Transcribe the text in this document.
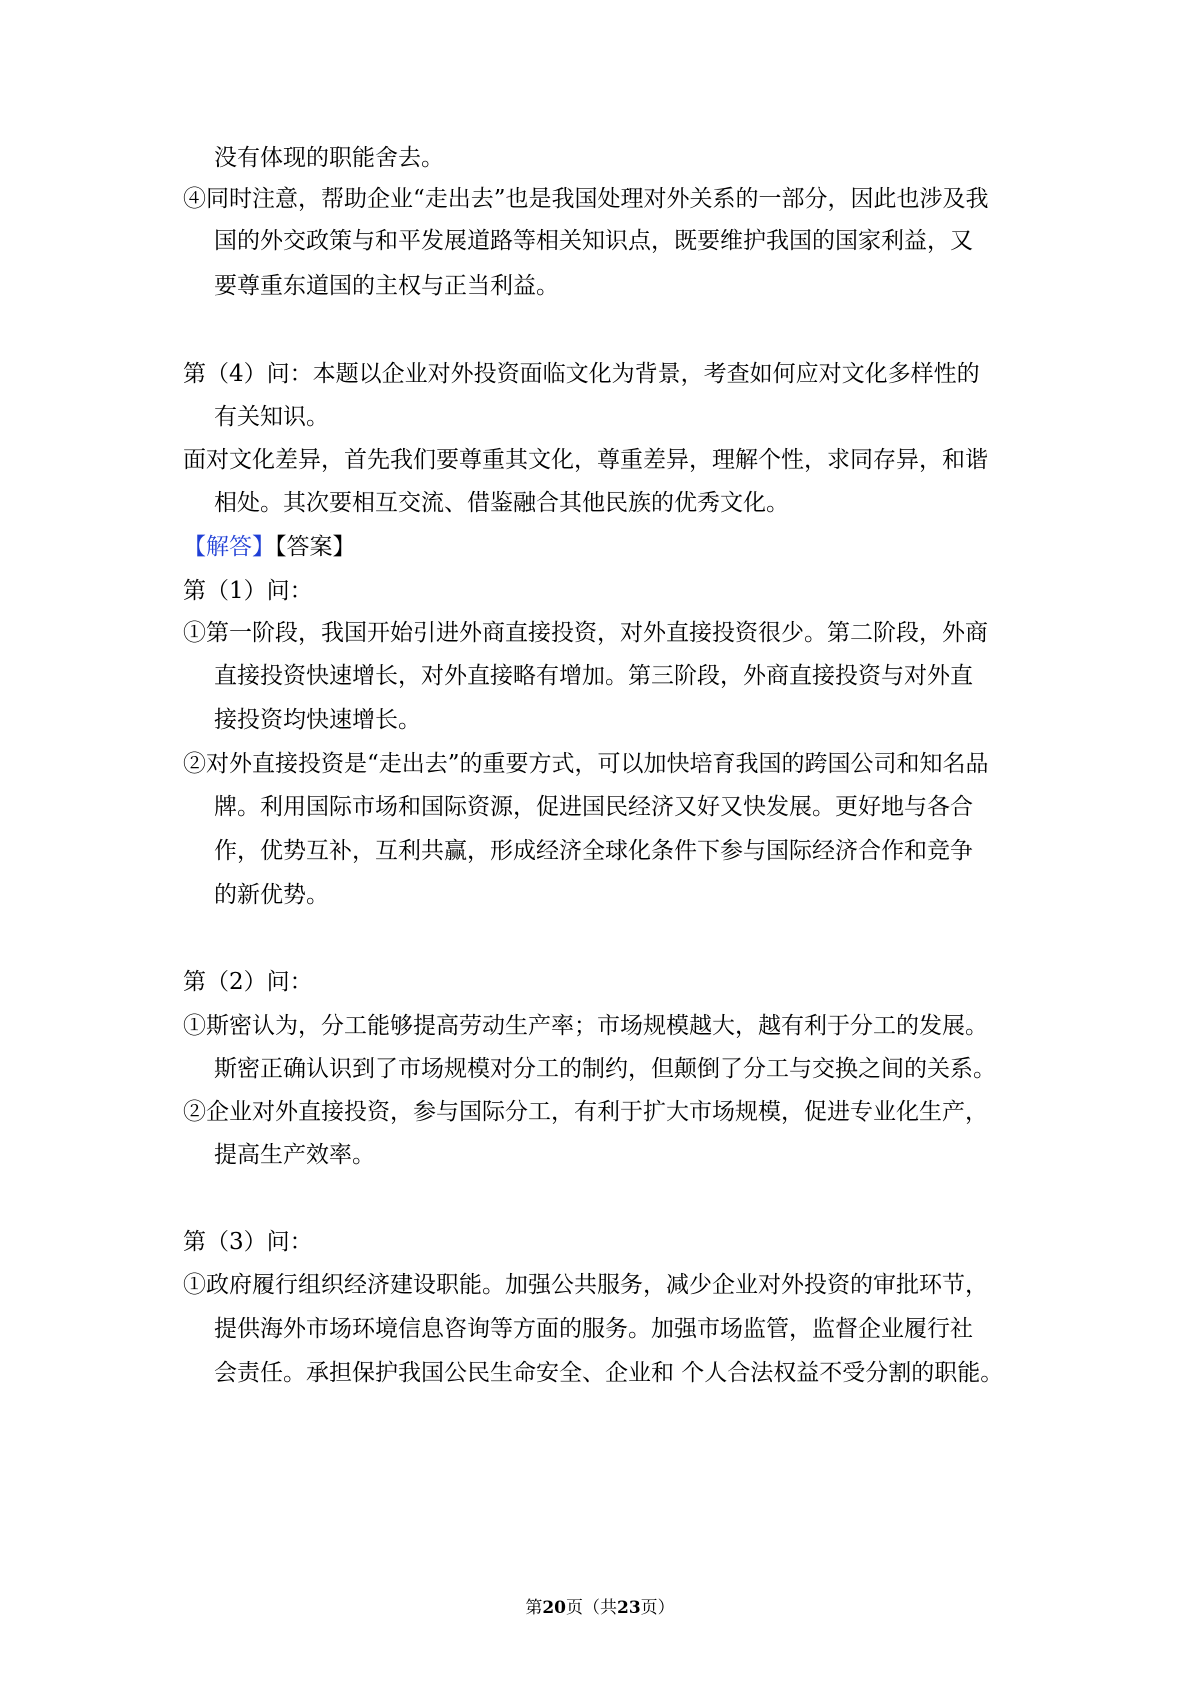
没有体现的职能舍去。
④同时注意，帮助企业“走出去”也是我国处理对外关系的一部分，因此也涉及我
国的外交政策与和平发展道路等相关知识点，既要维护我国的国家利益，又
要尊重东道国的主权与正当利益。
第（4）问：本题以企业对外投资面临文化为背景，考查如何应对文化多样性的
有关知识。
面对文化差异，首先我们要尊重其文化，尊重差异，理解个性，求同存异，和谐
相处。其次要相互交流、借鉴融合其他民族的优秀文化。
【解答】【答案】
第（1）问：
①第一阶段，我国开始引进外商直接投资，对外直接投资很少。第二阶段，外商
直接投资快速增长，对外直接略有增加。第三阶段，外商直接投资与对外直
接投资均快速增长。
②对外直接投资是“走出去”的重要方式，可以加快培育我国的跨国公司和知名品
牌。利用国际市场和国际资源，促进国民经济又好又快发展。更好地与各合
作，优势互补，互利共赢，形成经济全球化条件下参与国际经济合作和竞争
的新优势。
第（2）问：
①斯密认为，分工能够提高劳动生产率；市场规模越大，越有利于分工的发展。
斯密正确认识到了市场规模对分工的制约，但颠倒了分工与交换之间的关系。
②企业对外直接投资，参与国际分工，有利于扩大市场规模，促进专业化生产，
提高生产效率。
第（3）问：
①政府履行组织经济建设职能。加强公共服务，减少企业对外投资的审批环节，
提供海外市场环境信息咨询等方面的服务。加强市场监管，监督企业履行社
会责任。承担保护我国公民生命安全、企业和 个人合法权益不受分割的职能。
第20页（共23页）
